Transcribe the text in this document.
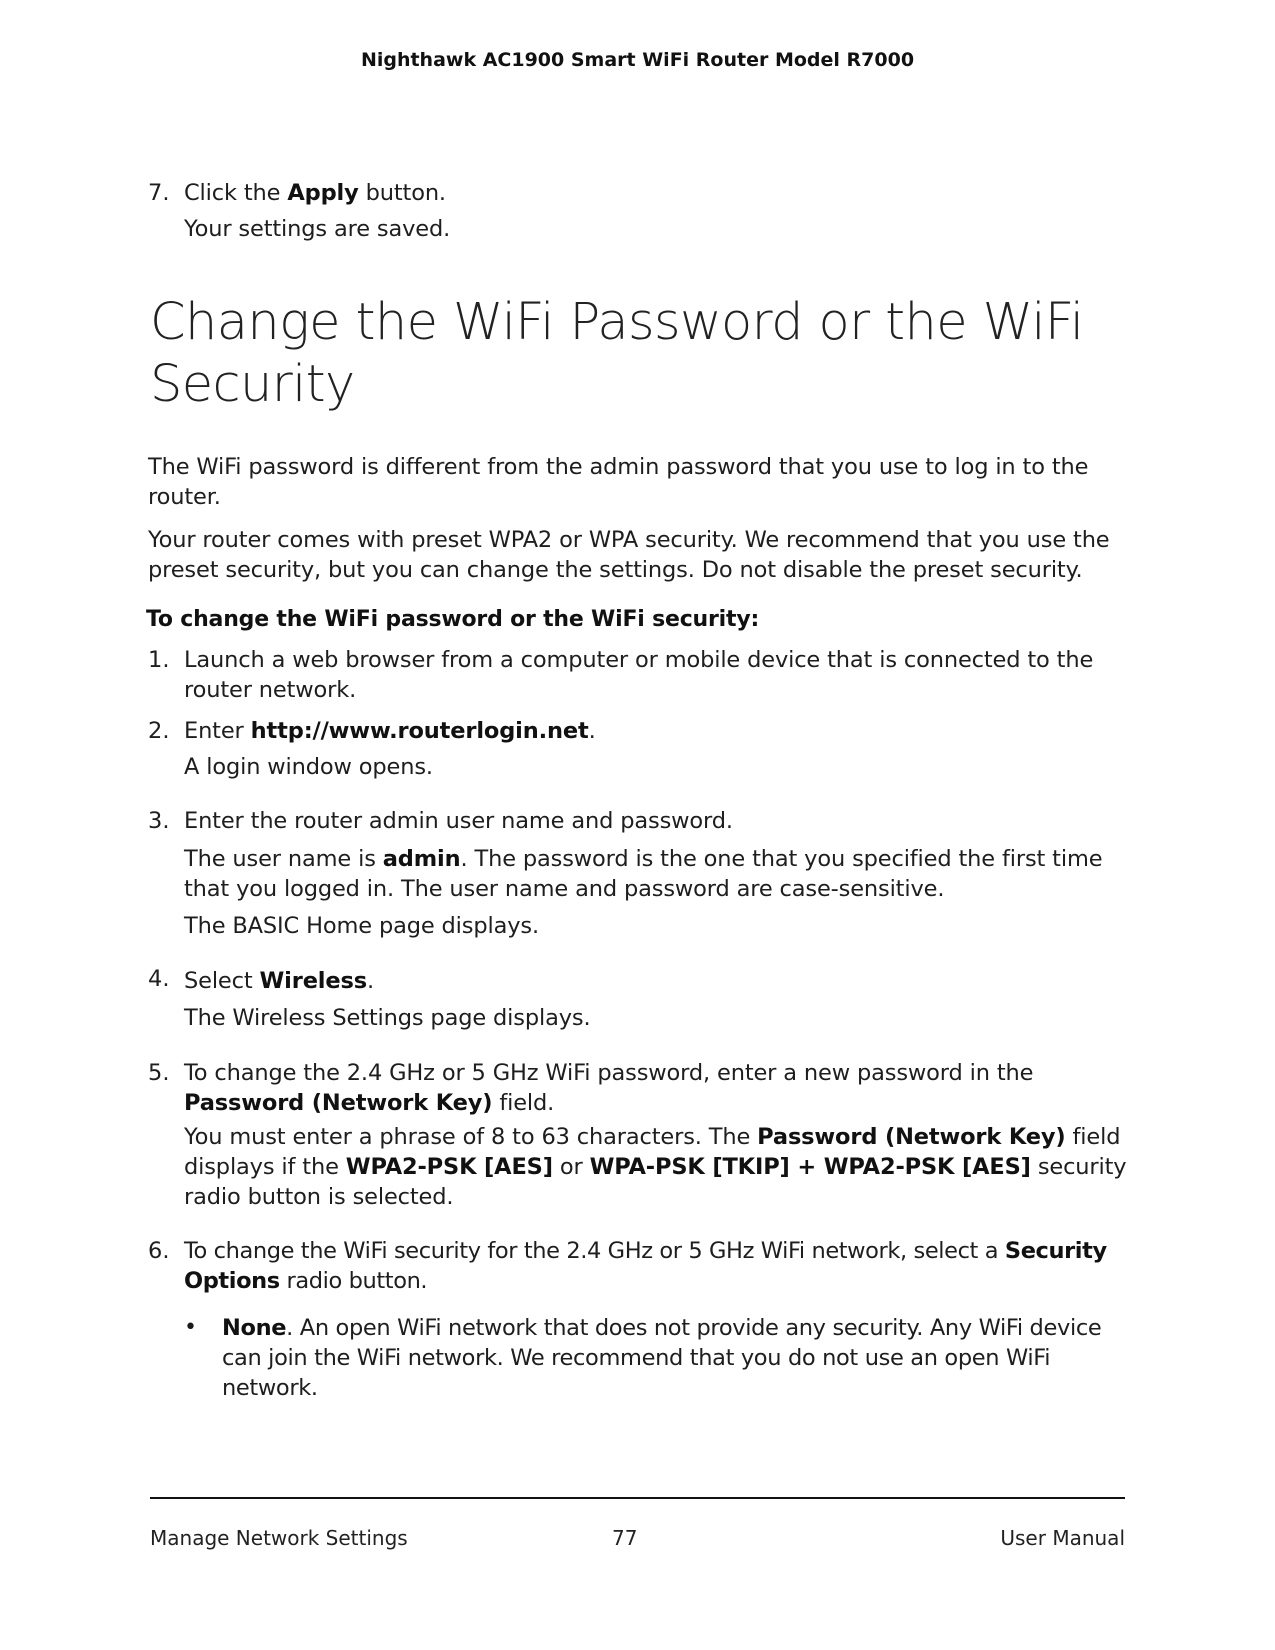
Nighthawk AC1900 Smart WiFi Router Model R7000
7. Click the Apply button.
Your settings are saved.
Change the WiFi Password or the WiFi
Security
The WiFi password is different from the admin password that you use to log in to the
router.
Your router comes with preset WPA2 or WPA security. We recommend that you use the
preset security, but you can change the settings. Do not disable the preset security.
To change the WiFi password or the WiFi security:
1. Launch a web browser from a computer or mobile device that is connected to the
router network.
2. Enter http://www.routerlogin.net.
A login window opens.
3. Enter the router admin user name and password.
The user name is admin. The password is the one that you specified the first time
that you logged in. The user name and password are case-sensitive.
The BASIC Home page displays.
4. Select Wireless.
The Wireless Settings page displays.
5. To change the 2.4 GHz or 5 GHz WiFi password, enter a new password in the
Password (Network Key) field.
You must enter a phrase of 8 to 63 characters. The Password (Network Key) field
displays if the WPA2-PSK [AES] or WPA-PSK [TKIP] + WPA2-PSK [AES] security
radio button is selected.
6. To change the WiFi security for the 2.4 GHz or 5 GHz WiFi network, select a Security
Options radio button.
• None. An open WiFi network that does not provide any security. Any WiFi device
can join the WiFi network. We recommend that you do not use an open WiFi
network.
Manage Network Settings	77	User Manual
